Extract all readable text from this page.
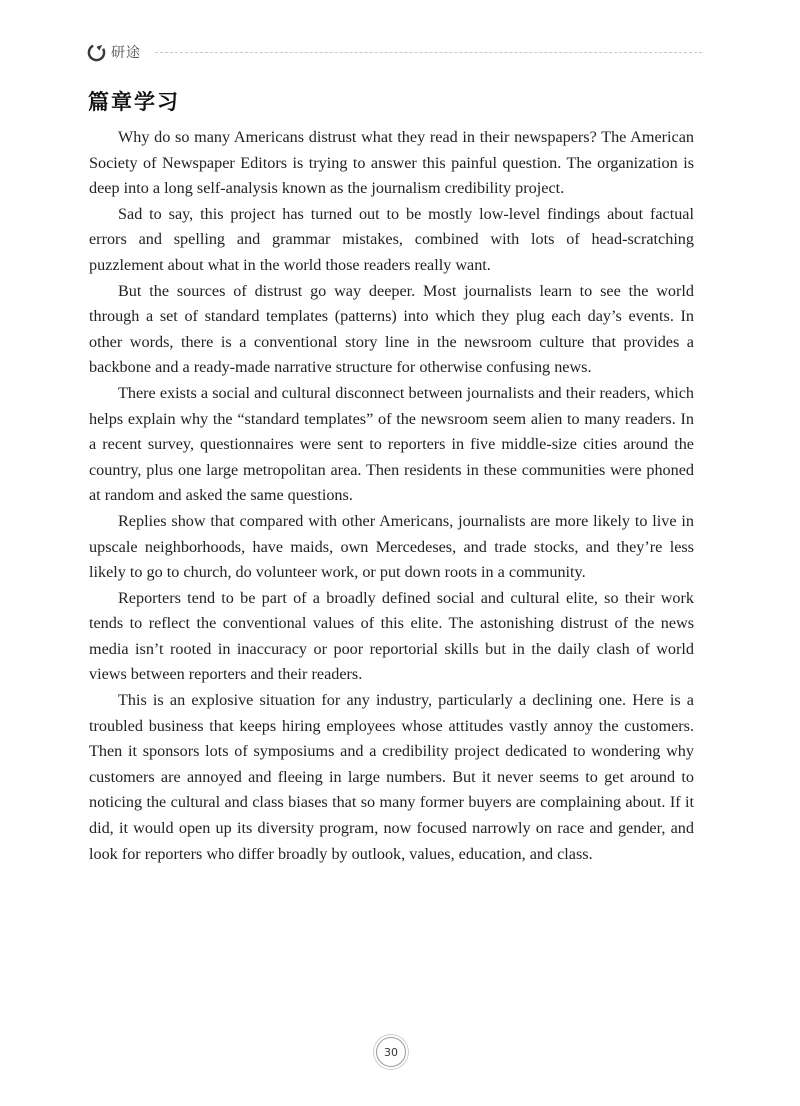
研途
篇章学习

Why do so many Americans distrust what they read in their newspapers? The American Society of Newspaper Editors is trying to answer this painful question. The organization is deep into a long self-analysis known as the journalism credibility project.

Sad to say, this project has turned out to be mostly low-level findings about factual errors and spelling and grammar mistakes, combined with lots of head-scratching puzzlement about what in the world those readers really want.

But the sources of distrust go way deeper. Most journalists learn to see the world through a set of standard templates (patterns) into which they plug each day’s events. In other words, there is a conventional story line in the newsroom culture that provides a backbone and a ready-made narrative structure for otherwise confusing news.

There exists a social and cultural disconnect between journalists and their readers, which helps explain why the “standard templates” of the newsroom seem alien to many readers. In a recent survey, questionnaires were sent to reporters in five middle-size cities around the country, plus one large metropolitan area. Then residents in these communities were phoned at random and asked the same questions.

Replies show that compared with other Americans, journalists are more likely to live in upscale neighborhoods, have maids, own Mercedeses, and trade stocks, and they’re less likely to go to church, do volunteer work, or put down roots in a community.

Reporters tend to be part of a broadly defined social and cultural elite, so their work tends to reflect the conventional values of this elite. The astonishing distrust of the news media isn’t rooted in inaccuracy or poor reportorial skills but in the daily clash of world views between reporters and their readers.

This is an explosive situation for any industry, particularly a declining one. Here is a troubled business that keeps hiring employees whose attitudes vastly annoy the customers. Then it sponsors lots of symposiums and a credibility project dedicated to wondering why customers are annoyed and fleeing in large numbers. But it never seems to get around to noticing the cultural and class biases that so many former buyers are complaining about. If it did, it would open up its diversity program, now focused narrowly on race and gender, and look for reporters who differ broadly by outlook, values, education, and class.

30
